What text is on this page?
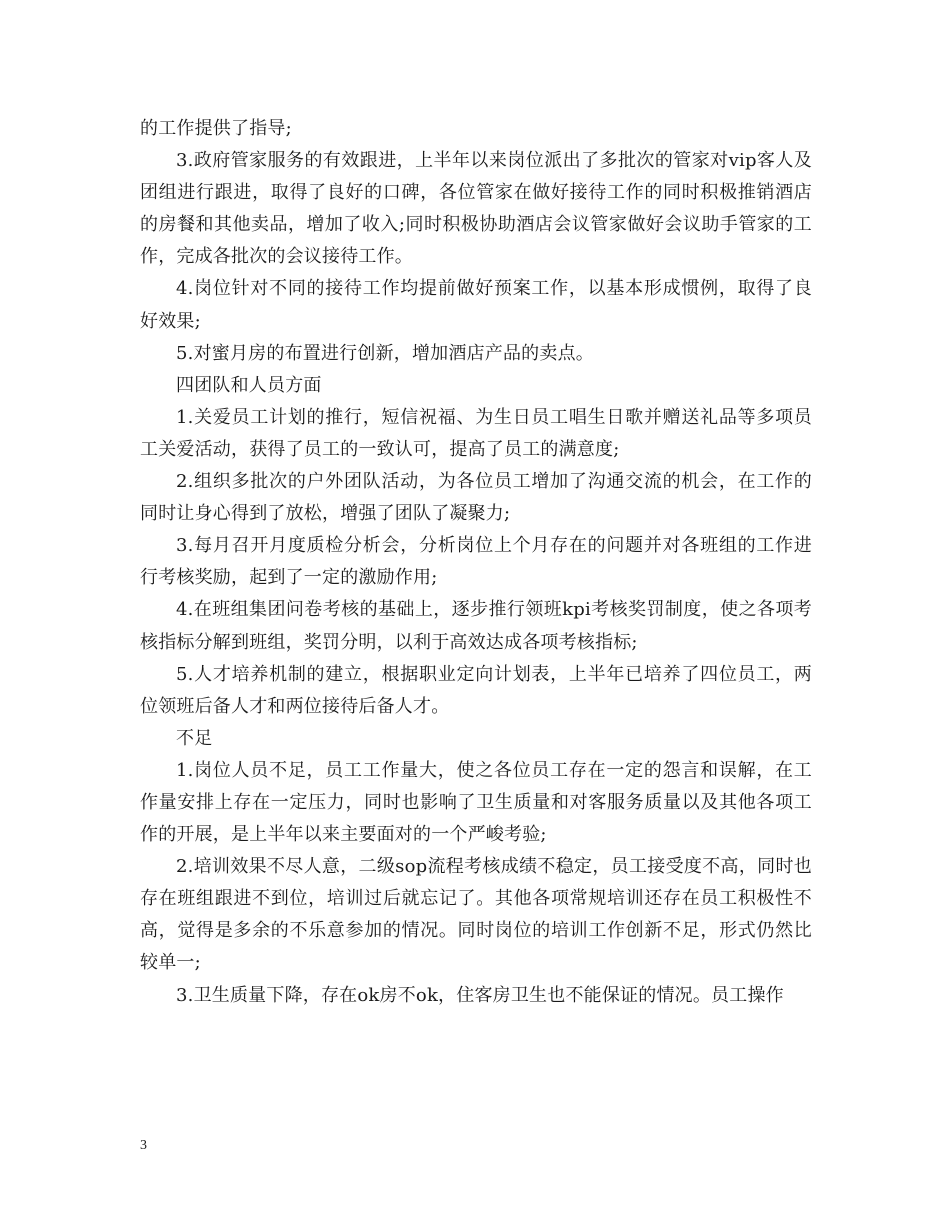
的工作提供了指导;

3.政府管家服务的有效跟进，上半年以来岗位派出了多批次的管家对vip客人及团组进行跟进，取得了良好的口碑，各位管家在做好接待工作的同时积极推销酒店的房餐和其他卖品，增加了收入;同时积极协助酒店会议管家做好会议助手管家的工作，完成各批次的会议接待工作。

4.岗位针对不同的接待工作均提前做好预案工作，以基本形成惯例，取得了良好效果;

5.对蜜月房的布置进行创新，增加酒店产品的卖点。

四团队和人员方面

1.关爱员工计划的推行，短信祝福、为生日员工唱生日歌并赠送礼品等多项员工关爱活动，获得了员工的一致认可，提高了员工的满意度;

2.组织多批次的户外团队活动，为各位员工增加了沟通交流的机会，在工作的同时让身心得到了放松，增强了团队了凝聚力;

3.每月召开月度质检分析会，分析岗位上个月存在的问题并对各班组的工作进行考核奖励，起到了一定的激励作用;

4.在班组集团问卷考核的基础上，逐步推行领班kpi考核奖罚制度，使之各项考核指标分解到班组，奖罚分明，以利于高效达成各项考核指标;

5.人才培养机制的建立，根据职业定向计划表，上半年已培养了四位员工，两位领班后备人才和两位接待后备人才。

不足

1.岗位人员不足，员工工作量大，使之各位员工存在一定的怨言和误解，在工作量安排上存在一定压力，同时也影响了卫生质量和对客服务质量以及其他各项工作的开展，是上半年以来主要面对的一个严峻考验;

2.培训效果不尽人意，二级sop流程考核成绩不稳定，员工接受度不高，同时也存在班组跟进不到位，培训过后就忘记了。其他各项常规培训还存在员工积极性不高，觉得是多余的不乐意参加的情况。同时岗位的培训工作创新不足，形式仍然比较单一;

3.卫生质量下降，存在ok房不ok，住客房卫生也不能保证的情况。员工操作

3
